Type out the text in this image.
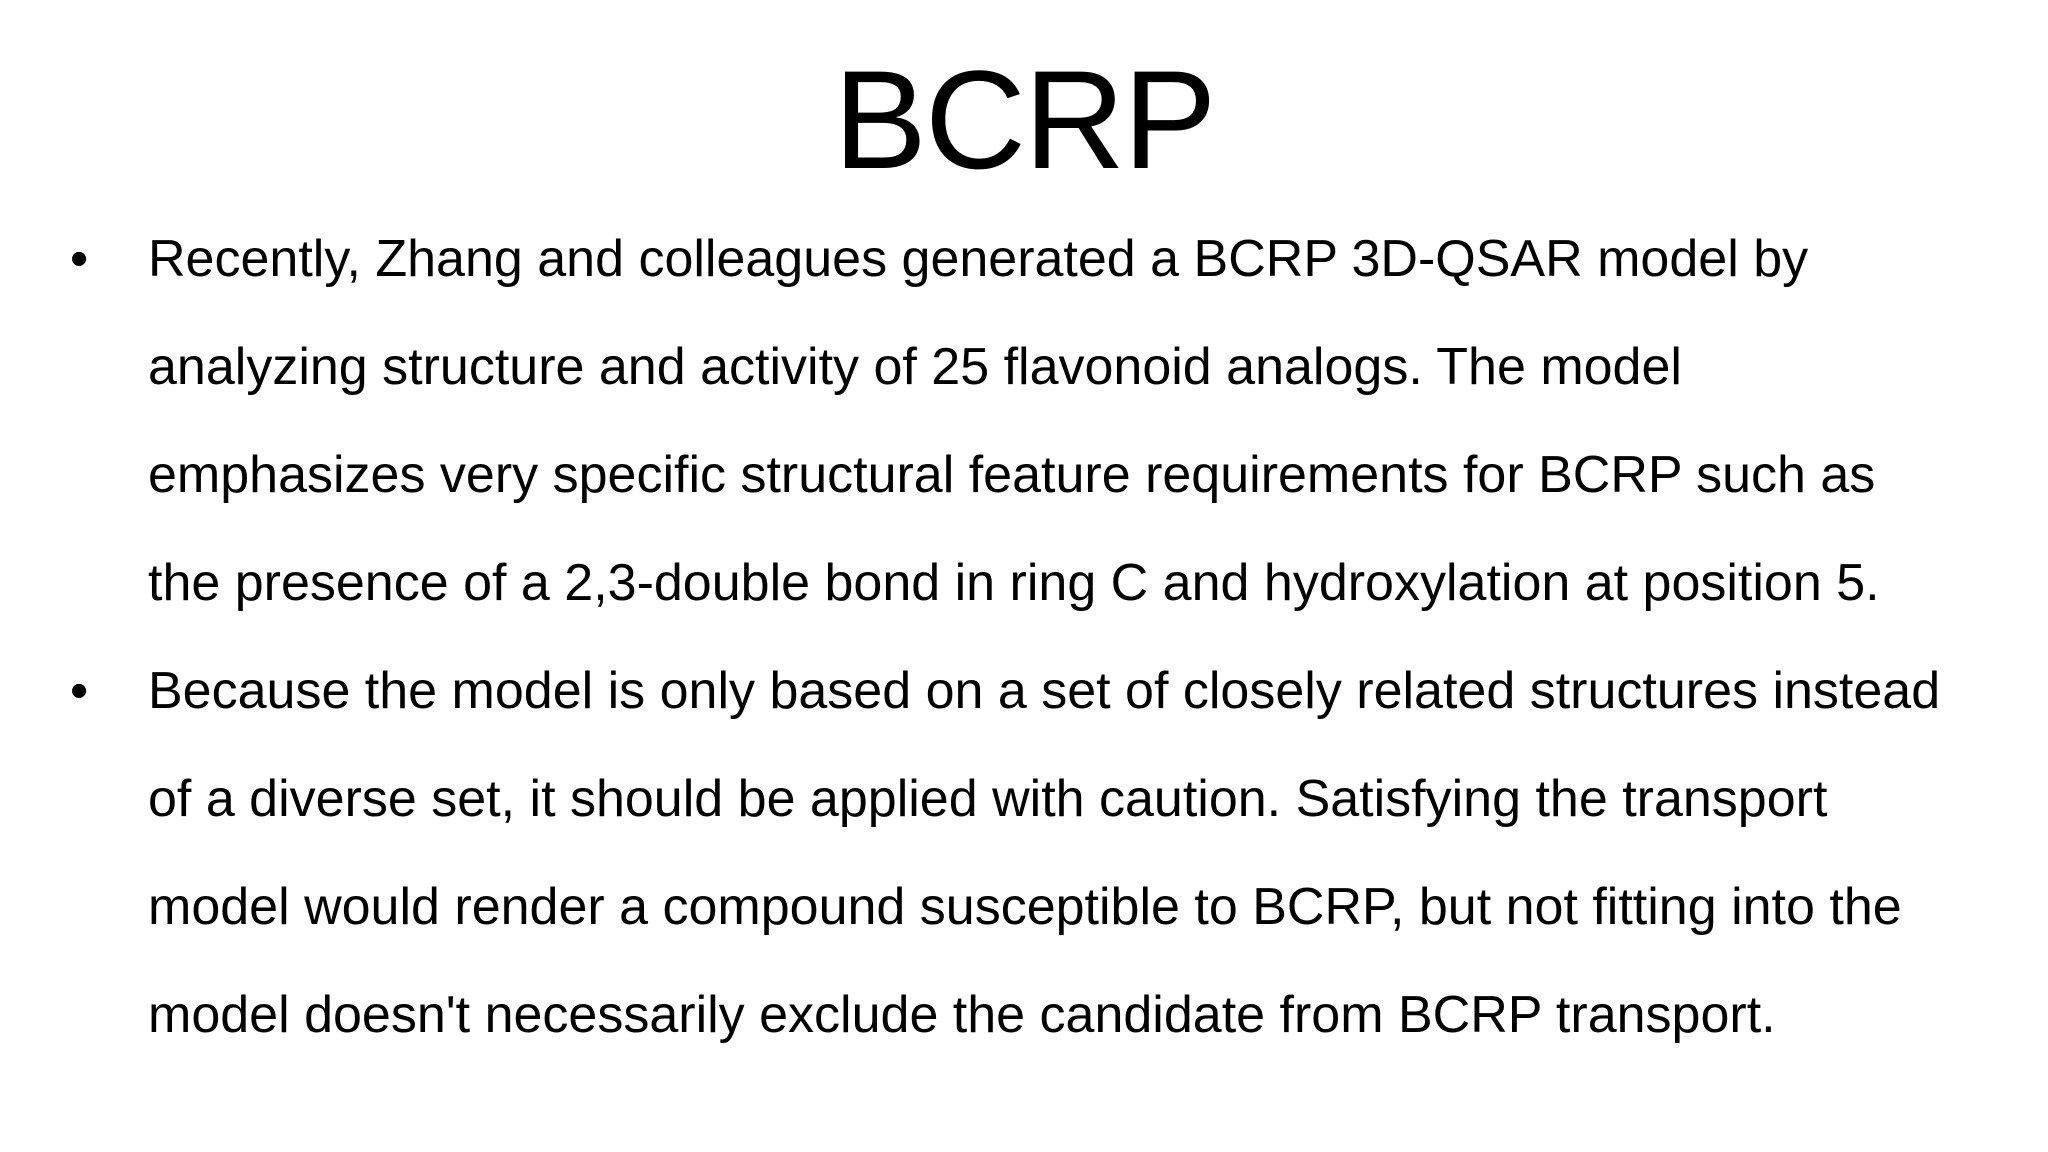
BCRP
•	Recently, Zhang and colleagues generated a BCRP 3D-QSAR model by
analyzing structure and activity of 25 flavonoid analogs. The model
emphasizes very specific structural feature requirements for BCRP such as
the presence of a 2,3-double bond in ring C and hydroxylation at position 5.
•	Because the model is only based on a set of closely related structures instead
of a diverse set, it should be applied with caution. Satisfying the transport
model would render a compound susceptible to BCRP, but not fitting into the
model doesn't necessarily exclude the candidate from BCRP transport.
